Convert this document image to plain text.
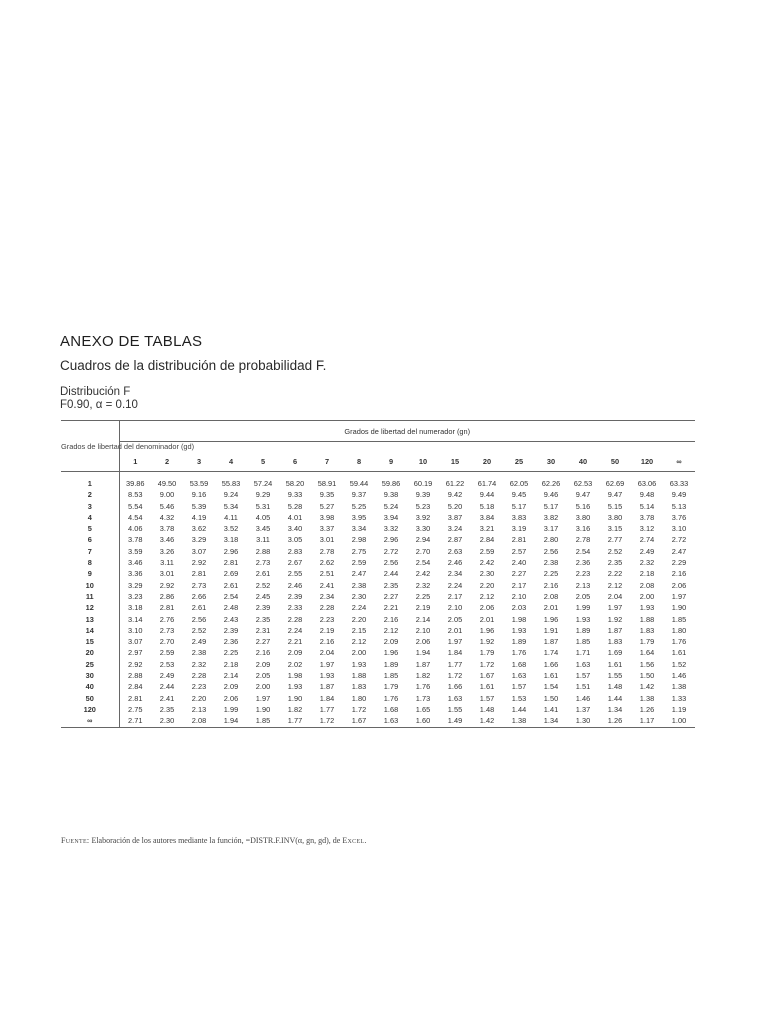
ANEXO DE TABLAS
Cuadros de la distribución de probabilidad F.
Distribución F
F0.90, α = 0.10

Grados de libertad del denominador (gd)	Grados de libertad del numerador (gn)																	
	1	2	3	4	5	6	7	8	9	10	15	20	25	30	40	50	120	∞
1	39.86	49.50	53.59	55.83	57.24	58.20	58.91	59.44	59.86	60.19	61.22	61.74	62.05	62.26	62.53	62.69	63.06	63.33
2	8.53	9.00	9.16	9.24	9.29	9.33	9.35	9.37	9.38	9.39	9.42	9.44	9.45	9.46	9.47	9.47	9.48	9.49
3	5.54	5.46	5.39	5.34	5.31	5.28	5.27	5.25	5.24	5.23	5.20	5.18	5.17	5.17	5.16	5.15	5.14	5.13
4	4.54	4.32	4.19	4.11	4.05	4.01	3.98	3.95	3.94	3.92	3.87	3.84	3.83	3.82	3.80	3.80	3.78	3.76
5	4.06	3.78	3.62	3.52	3.45	3.40	3.37	3.34	3.32	3.30	3.24	3.21	3.19	3.17	3.16	3.15	3.12	3.10
6	3.78	3.46	3.29	3.18	3.11	3.05	3.01	2.98	2.96	2.94	2.87	2.84	2.81	2.80	2.78	2.77	2.74	2.72
7	3.59	3.26	3.07	2.96	2.88	2.83	2.78	2.75	2.72	2.70	2.63	2.59	2.57	2.56	2.54	2.52	2.49	2.47
8	3.46	3.11	2.92	2.81	2.73	2.67	2.62	2.59	2.56	2.54	2.46	2.42	2.40	2.38	2.36	2.35	2.32	2.29
9	3.36	3.01	2.81	2.69	2.61	2.55	2.51	2.47	2.44	2.42	2.34	2.30	2.27	2.25	2.23	2.22	2.18	2.16
10	3.29	2.92	2.73	2.61	2.52	2.46	2.41	2.38	2.35	2.32	2.24	2.20	2.17	2.16	2.13	2.12	2.08	2.06
11	3.23	2.86	2.66	2.54	2.45	2.39	2.34	2.30	2.27	2.25	2.17	2.12	2.10	2.08	2.05	2.04	2.00	1.97
12	3.18	2.81	2.61	2.48	2.39	2.33	2.28	2.24	2.21	2.19	2.10	2.06	2.03	2.01	1.99	1.97	1.93	1.90
13	3.14	2.76	2.56	2.43	2.35	2.28	2.23	2.20	2.16	2.14	2.05	2.01	1.98	1.96	1.93	1.92	1.88	1.85
14	3.10	2.73	2.52	2.39	2.31	2.24	2.19	2.15	2.12	2.10	2.01	1.96	1.93	1.91	1.89	1.87	1.83	1.80
15	3.07	2.70	2.49	2.36	2.27	2.21	2.16	2.12	2.09	2.06	1.97	1.92	1.89	1.87	1.85	1.83	1.79	1.76
20	2.97	2.59	2.38	2.25	2.16	2.09	2.04	2.00	1.96	1.94	1.84	1.79	1.76	1.74	1.71	1.69	1.64	1.61
25	2.92	2.53	2.32	2.18	2.09	2.02	1.97	1.93	1.89	1.87	1.77	1.72	1.68	1.66	1.63	1.61	1.56	1.52
30	2.88	2.49	2.28	2.14	2.05	1.98	1.93	1.88	1.85	1.82	1.72	1.67	1.63	1.61	1.57	1.55	1.50	1.46
40	2.84	2.44	2.23	2.09	2.00	1.93	1.87	1.83	1.79	1.76	1.66	1.61	1.57	1.54	1.51	1.48	1.42	1.38
50	2.81	2.41	2.20	2.06	1.97	1.90	1.84	1.80	1.76	1.73	1.63	1.57	1.53	1.50	1.46	1.44	1.38	1.33
120	2.75	2.35	2.13	1.99	1.90	1.82	1.77	1.72	1.68	1.65	1.55	1.48	1.44	1.41	1.37	1.34	1.26	1.19
∞	2.71	2.30	2.08	1.94	1.85	1.77	1.72	1.67	1.63	1.60	1.49	1.42	1.38	1.34	1.30	1.26	1.17	1.00
Fuente: Elaboración de los autores mediante la función, =DISTR.F.INV(α, gn, gd), de Excel.
